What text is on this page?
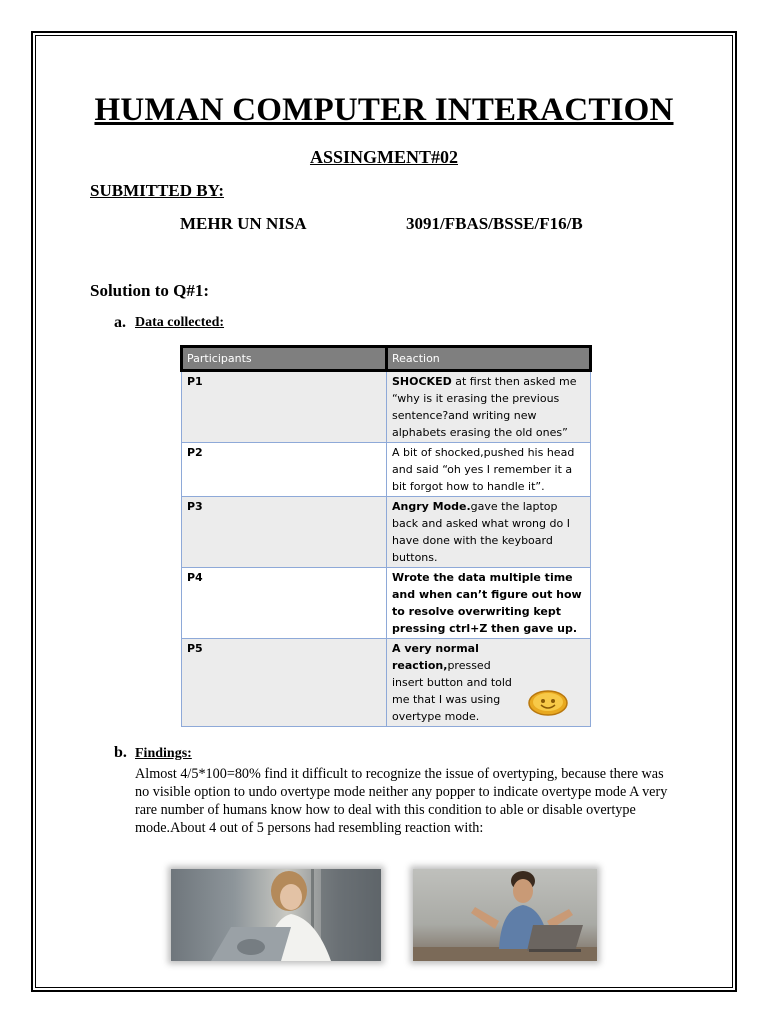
HUMAN COMPUTER INTERACTION
ASSINGMENT#02
SUBMITTED BY:
MEHR UN NISA	3091/FBAS/BSSE/F16/B
Solution to Q#1:
a. Data collected:
Participants	Reaction
P1	SHOCKED at first then asked me “why is it erasing the previous sentence?and writing new alphabets erasing the old ones”
P2	A bit of shocked,pushed his head and said “oh yes I remember it a bit forgot how to handle it”.
P3	Angry Mode.gave the laptop back and asked what wrong do I have done with the keyboard buttons.
P4	Wrote the data multiple time and when can’t figure out how to resolve overwriting kept pressing ctrl+Z then gave up.
P5	A very normal reaction,pressed insert button and told me that I was using overtype mode.
b. Findings:
Almost 4/5*100=80% find it difficult to recognize the issue of overtyping, because there was no visible option to undo overtype mode neither any popper to indicate overtype mode A very rare number of humans know how to deal with this condition to able or disable overtype mode.About 4 out of 5 persons had resembling reaction with:
